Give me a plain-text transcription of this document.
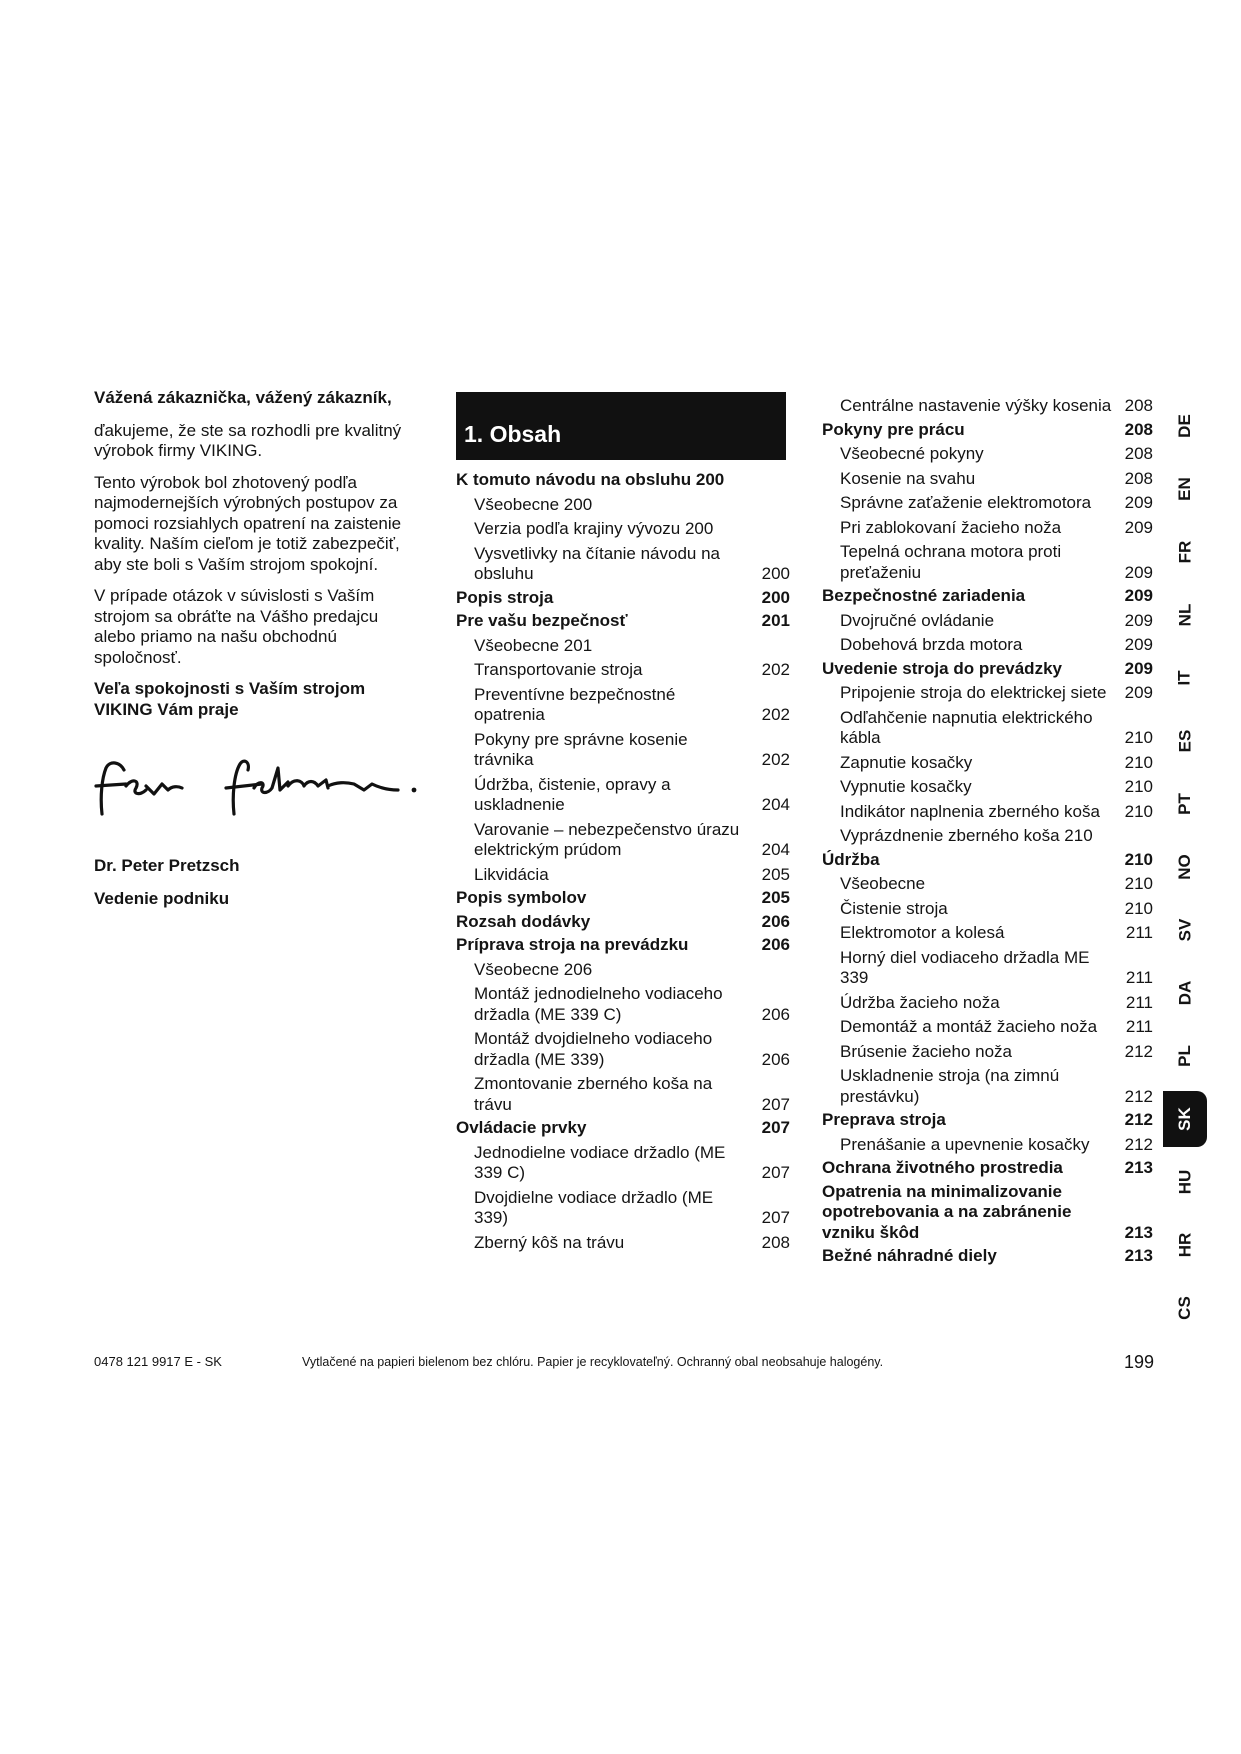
Vážená zákaznička, vážený zákazník,

ďakujeme, že ste sa rozhodli pre kvalitný výrobok firmy VIKING.

Tento výrobok bol zhotovený podľa najmodernejších výrobných postupov za pomoci rozsiahlych opatrení na zaistenie kvality. Naším cieľom je totiž zabezpečiť, aby ste boli s Vaším strojom spokojní.

V prípade otázok v súvislosti s Vaším strojom sa obráťte na Vášho predajcu alebo priamo na našu obchodnú spoločnosť.

Veľa spokojnosti s Vaším strojom VIKING Vám praje

Dr. Peter Pretzsch

Vedenie podniku

1. Obsah
K tomuto návodu na obsluhu 200
Všeobecne 200
Verzia podľa krajiny vývozu 200
Vysvetlivky na čítanie návodu na obsluhu	200
Popis stroja	200
Pre vašu bezpečnosť	201
Všeobecne 201
Transportovanie stroja	202
Preventívne bezpečnostné opatrenia	202
Pokyny pre správne kosenie trávnika	202
Údržba, čistenie, opravy a uskladnenie	204
Varovanie – nebezpečenstvo úrazu elektrickým prúdom	204
Likvidácia	205
Popis symbolov	205
Rozsah dodávky	206
Príprava stroja na prevádzku	206
Všeobecne 206
Montáž jednodielneho vodiaceho držadla (ME 339 C)	206
Montáž dvojdielneho vodiaceho držadla (ME 339)	206
Zmontovanie zberného koša na trávu	207
Ovládacie prvky	207
Jednodielne vodiace držadlo (ME 339 C)	207
Dvojdielne vodiace držadlo (ME 339)	207
Zberný kôš na trávu	208
Centrálne nastavenie výšky kosenia 208
Pokyny pre prácu	208
Všeobecné pokyny	208
Kosenie na svahu	208
Správne zaťaženie elektromotora	209
Pri zablokovaní žacieho noža	209
Tepelná ochrana motora proti preťaženiu	209
Bezpečnostné zariadenia	209
Dvojručné ovládanie	209
Dobehová brzda motora	209
Uvedenie stroja do prevádzky	209
Pripojenie stroja do elektrickej siete	209
Odľahčenie napnutia elektrického kábla	210
Zapnutie kosačky	210
Vypnutie kosačky	210
Indikátor naplnenia zberného koša	210
Vyprázdnenie zberného koša 210
Údržba	210
Všeobecne	210
Čistenie stroja	210
Elektromotor a kolesá	211
Horný diel vodiaceho držadla ME 339	211
Údržba žacieho noža	211
Demontáž a montáž žacieho noža	211
Brúsenie žacieho noža	212
Uskladnenie stroja (na zimnú prestávku)	212
Preprava stroja	212
Prenášanie a upevnenie kosačky	212
Ochrana životného prostredia	213
Opatrenia na minimalizovanie opotrebovania a na zabránenie vzniku škôd	213
Bežné náhradné diely	213
DE
EN
FR
NL
IT
ES
PT
NO
SV
DA
PL
SK
HU
HR
CS
0478 121 9917 E - SK	Vytlačené na papieri bielenom bez chlóru. Papier je recyklovateľný. Ochranný obal neobsahuje halogény.	199
